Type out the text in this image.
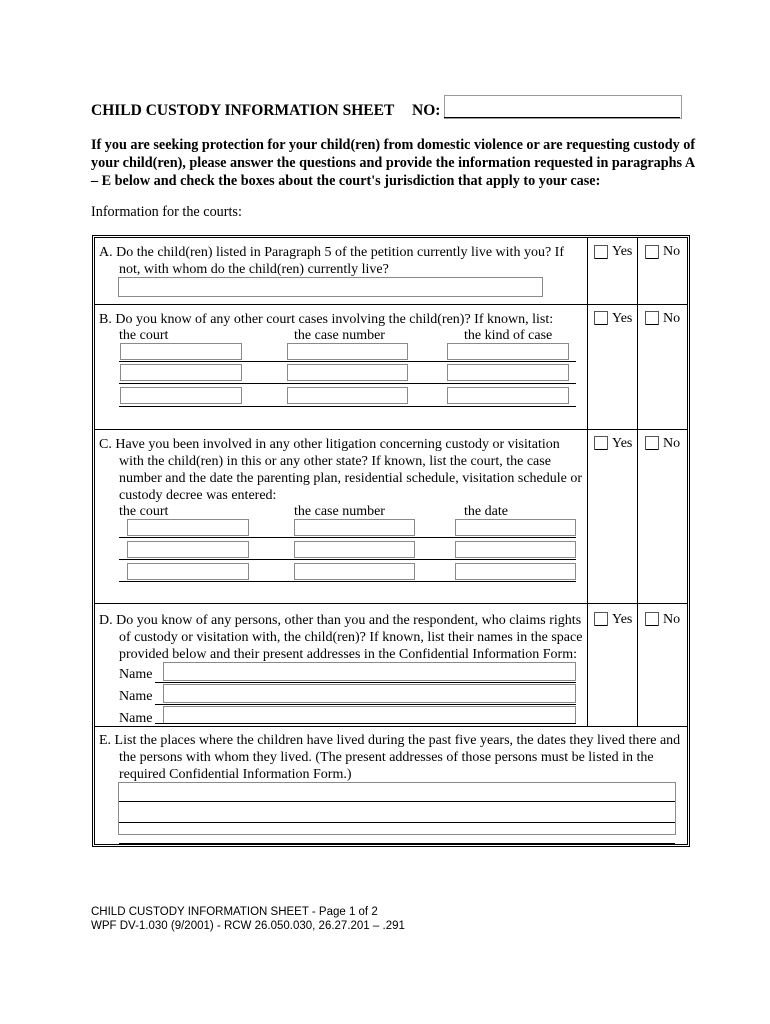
CHILD CUSTODY INFORMATION SHEET NO:
If you are seeking protection for your child(ren) from domestic violence or are requesting custody of your child(ren), please answer the questions and provide the information requested in paragraphs A – E below and check the boxes about the court's jurisdiction that apply to your case:
Information for the courts:
A. Do the child(ren) listed in Paragraph 5 of the petition currently live with you? If
not, with whom do the child(ren) currently live?
Yes No
B. Do you know of any other court cases involving the child(ren)? If known, list:
the court	the case number	the kind of case
Yes No
C. Have you been involved in any other litigation concerning custody or visitation
with the child(ren) in this or any other state? If known, list the court, the case
number and the date the parenting plan, residential schedule, visitation schedule or
custody decree was entered:
the court	the case number	the date
Yes No
D. Do you know of any persons, other than you and the respondent, who claims rights
of custody or visitation with, the child(ren)? If known, list their names in the space
provided below and their present addresses in the Confidential Information Form:
Yes No
Name
Name
Name
E. List the places where the children have lived during the past five years, the dates they lived there and
the persons with whom they lived. (The present addresses of those persons must be listed in the
required Confidential Information Form.)
CHILD CUSTODY INFORMATION SHEET - Page 1 of 2
WPF DV-1.030 (9/2001) - RCW 26.050.030, 26.27.201 – .291
